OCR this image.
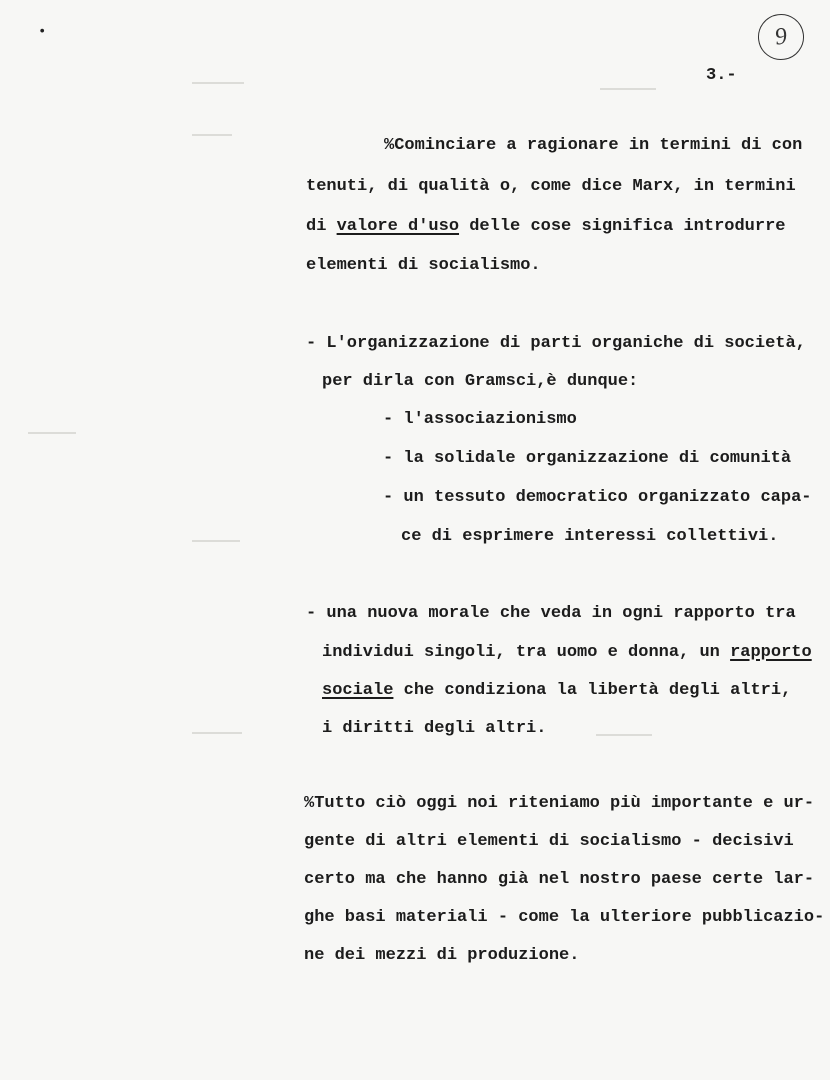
•	9
3.-
%Cominciare a ragionare in termini di con
tenuti, di qualità o, come dice Marx, in termini
di valore d'uso delle cose significa introdurre
elementi di socialismo.
- L'organizzazione di parti organiche di società,
per dirla con Gramsci,è dunque:
- l'associazionismo
- la solidale organizzazione di comunità
- un tessuto democratico organizzato capa-
ce di esprimere interessi collettivi.
- una nuova morale che veda in ogni rapporto tra
individui singoli, tra uomo e donna, un rapporto
sociale che condiziona la libertà degli altri,
i diritti degli altri.
%Tutto ciò oggi noi riteniamo più importante e ur-
gente di altri elementi di socialismo - decisivi
certo ma che hanno già nel nostro paese certe lar-
ghe basi materiali - come la ulteriore pubblicazio-
ne dei mezzi di produzione.
